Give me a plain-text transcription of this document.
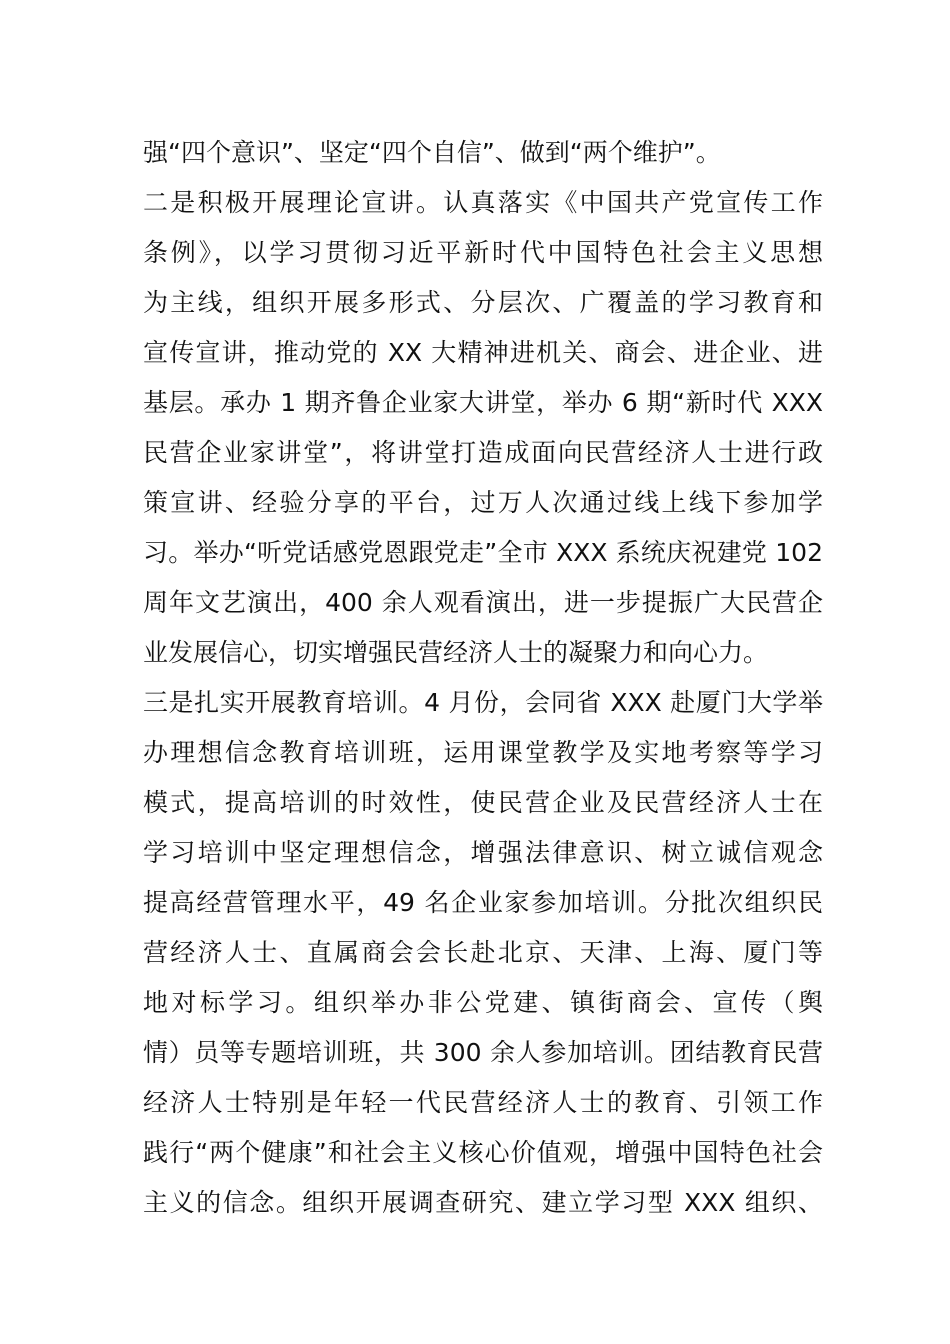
强“四个意识”、坚定“四个自信”、做到“两个维护”。
二是积极开展理论宣讲。认真落实《中国共产党宣传工作
条例》，以学习贯彻习近平新时代中国特色社会主义思想
为主线，组织开展多形式、分层次、广覆盖的学习教育和
宣传宣讲，推动党的 XX 大精神进机关、商会、进企业、进
基层。承办 1 期齐鲁企业家大讲堂，举办 6 期“新时代 XXX
民营企业家讲堂”，将讲堂打造成面向民营经济人士进行政
策宣讲、经验分享的平台，过万人次通过线上线下参加学
习。举办“听党话感党恩跟党走”全市 XXX 系统庆祝建党 102
周年文艺演出，400 余人观看演出，进一步提振广大民营企
业发展信心，切实增强民营经济人士的凝聚力和向心力。
三是扎实开展教育培训。4 月份，会同省 XXX 赴厦门大学举
办理想信念教育培训班，运用课堂教学及实地考察等学习
模式，提高培训的时效性，使民营企业及民营经济人士在
学习培训中坚定理想信念，增强法律意识、树立诚信观念
提高经营管理水平，49 名企业家参加培训。分批次组织民
营经济人士、直属商会会长赴北京、天津、上海、厦门等
地对标学习。组织举办非公党建、镇街商会、宣传（舆
情）员等专题培训班，共 300 余人参加培训。团结教育民营
经济人士特别是年轻一代民营经济人士的教育、引领工作
践行“两个健康”和社会主义核心价值观，增强中国特色社会
主义的信念。组织开展调查研究、建立学习型 XXX 组织、
